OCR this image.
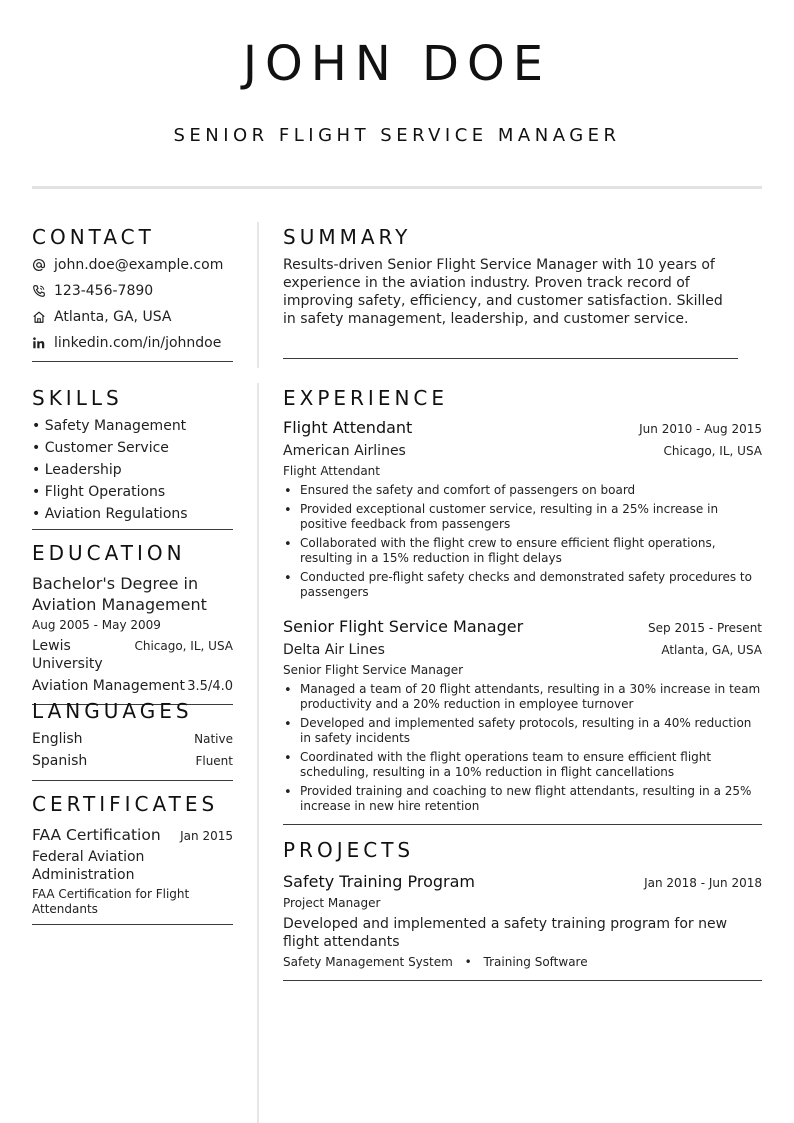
JOHN DOE
SENIOR FLIGHT SERVICE MANAGER
CONTACT
john.doe@example.com
123-456-7890
Atlanta, GA, USA
linkedin.com/in/johndoe
SKILLS
• Safety Management
• Customer Service
• Leadership
• Flight Operations
• Aviation Regulations
EDUCATION
Bachelor's Degree in Aviation Management
Aug 2005 - May 2009
Lewis University
Chicago, IL, USA
Aviation Management 3.5/4.0
LANGUAGES
English	Native
Spanish	Fluent
CERTIFICATES
FAA Certification Jan 2015
Federal Aviation Administration
FAA Certification for Flight Attendants
SUMMARY
Results-driven Senior Flight Service Manager with 10 years of experience in the aviation industry. Proven track record of improving safety, efficiency, and customer satisfaction. Skilled in safety management, leadership, and customer service.
EXPERIENCE
Flight Attendant	Jun 2010 - Aug 2015
American Airlines	Chicago, IL, USA
Flight Attendant
• Ensured the safety and comfort of passengers on board
• Provided exceptional customer service, resulting in a 25% increase in positive feedback from passengers
• Collaborated with the flight crew to ensure efficient flight operations, resulting in a 15% reduction in flight delays
• Conducted pre-flight safety checks and demonstrated safety procedures to passengers
Senior Flight Service Manager	Sep 2015 - Present
Delta Air Lines	Atlanta, GA, USA
Senior Flight Service Manager
• Managed a team of 20 flight attendants, resulting in a 30% increase in team productivity and a 20% reduction in employee turnover
• Developed and implemented safety protocols, resulting in a 40% reduction in safety incidents
• Coordinated with the flight operations team to ensure efficient flight scheduling, resulting in a 10% reduction in flight cancellations
• Provided training and coaching to new flight attendants, resulting in a 25% increase in new hire retention
PROJECTS
Safety Training Program	Jan 2018 - Jun 2018
Project Manager
Developed and implemented a safety training program for new flight attendants
Safety Management System • Training Software
